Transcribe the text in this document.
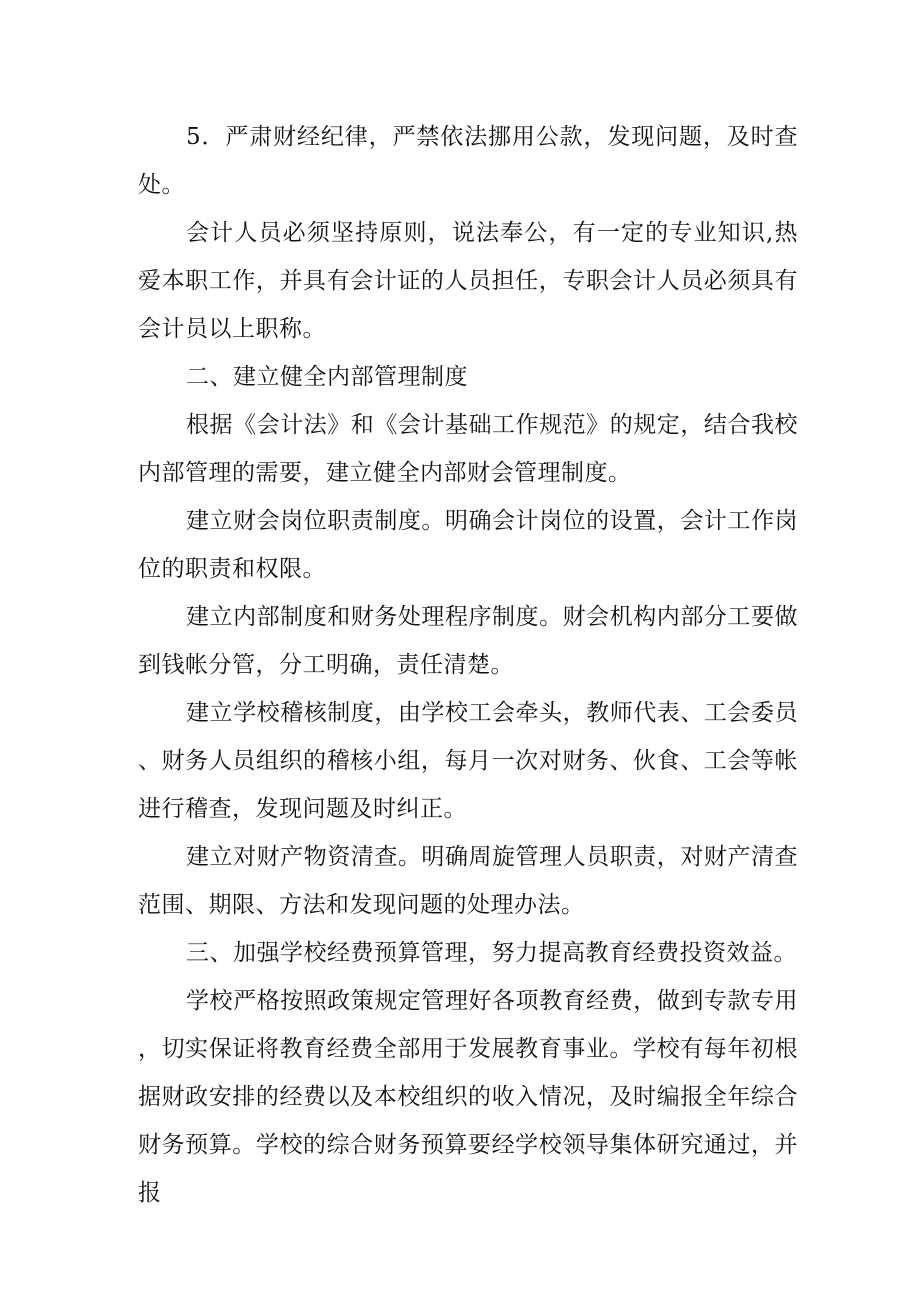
5．严肃财经纪律，严禁依法挪用公款，发现问题，及时查处。

会计人员必须坚持原则，说法奉公，有一定的专业知识,热爱本职工作，并具有会计证的人员担任，专职会计人员必须具有会计员以上职称。

二、建立健全内部管理制度

根据《会计法》和《会计基础工作规范》的规定，结合我校内部管理的需要，建立健全内部财会管理制度。

建立财会岗位职责制度。明确会计岗位的设置，会计工作岗位的职责和权限。

建立内部制度和财务处理程序制度。财会机构内部分工要做到钱帐分管，分工明确，责任清楚。

建立学校稽核制度，由学校工会牵头，教师代表、工会委员、财务人员组织的稽核小组，每月一次对财务、伙食、工会等帐进行稽查，发现问题及时纠正。

建立对财产物资清查。明确周旋管理人员职责，对财产清查范围、期限、方法和发现问题的处理办法。

三、加强学校经费预算管理，努力提高教育经费投资效益。

学校严格按照政策规定管理好各项教育经费，做到专款专用，切实保证将教育经费全部用于发展教育事业。学校有每年初根据财政安排的经费以及本校组织的收入情况，及时编报全年综合财务预算。学校的综合财务预算要经学校领导集体研究通过，并报
